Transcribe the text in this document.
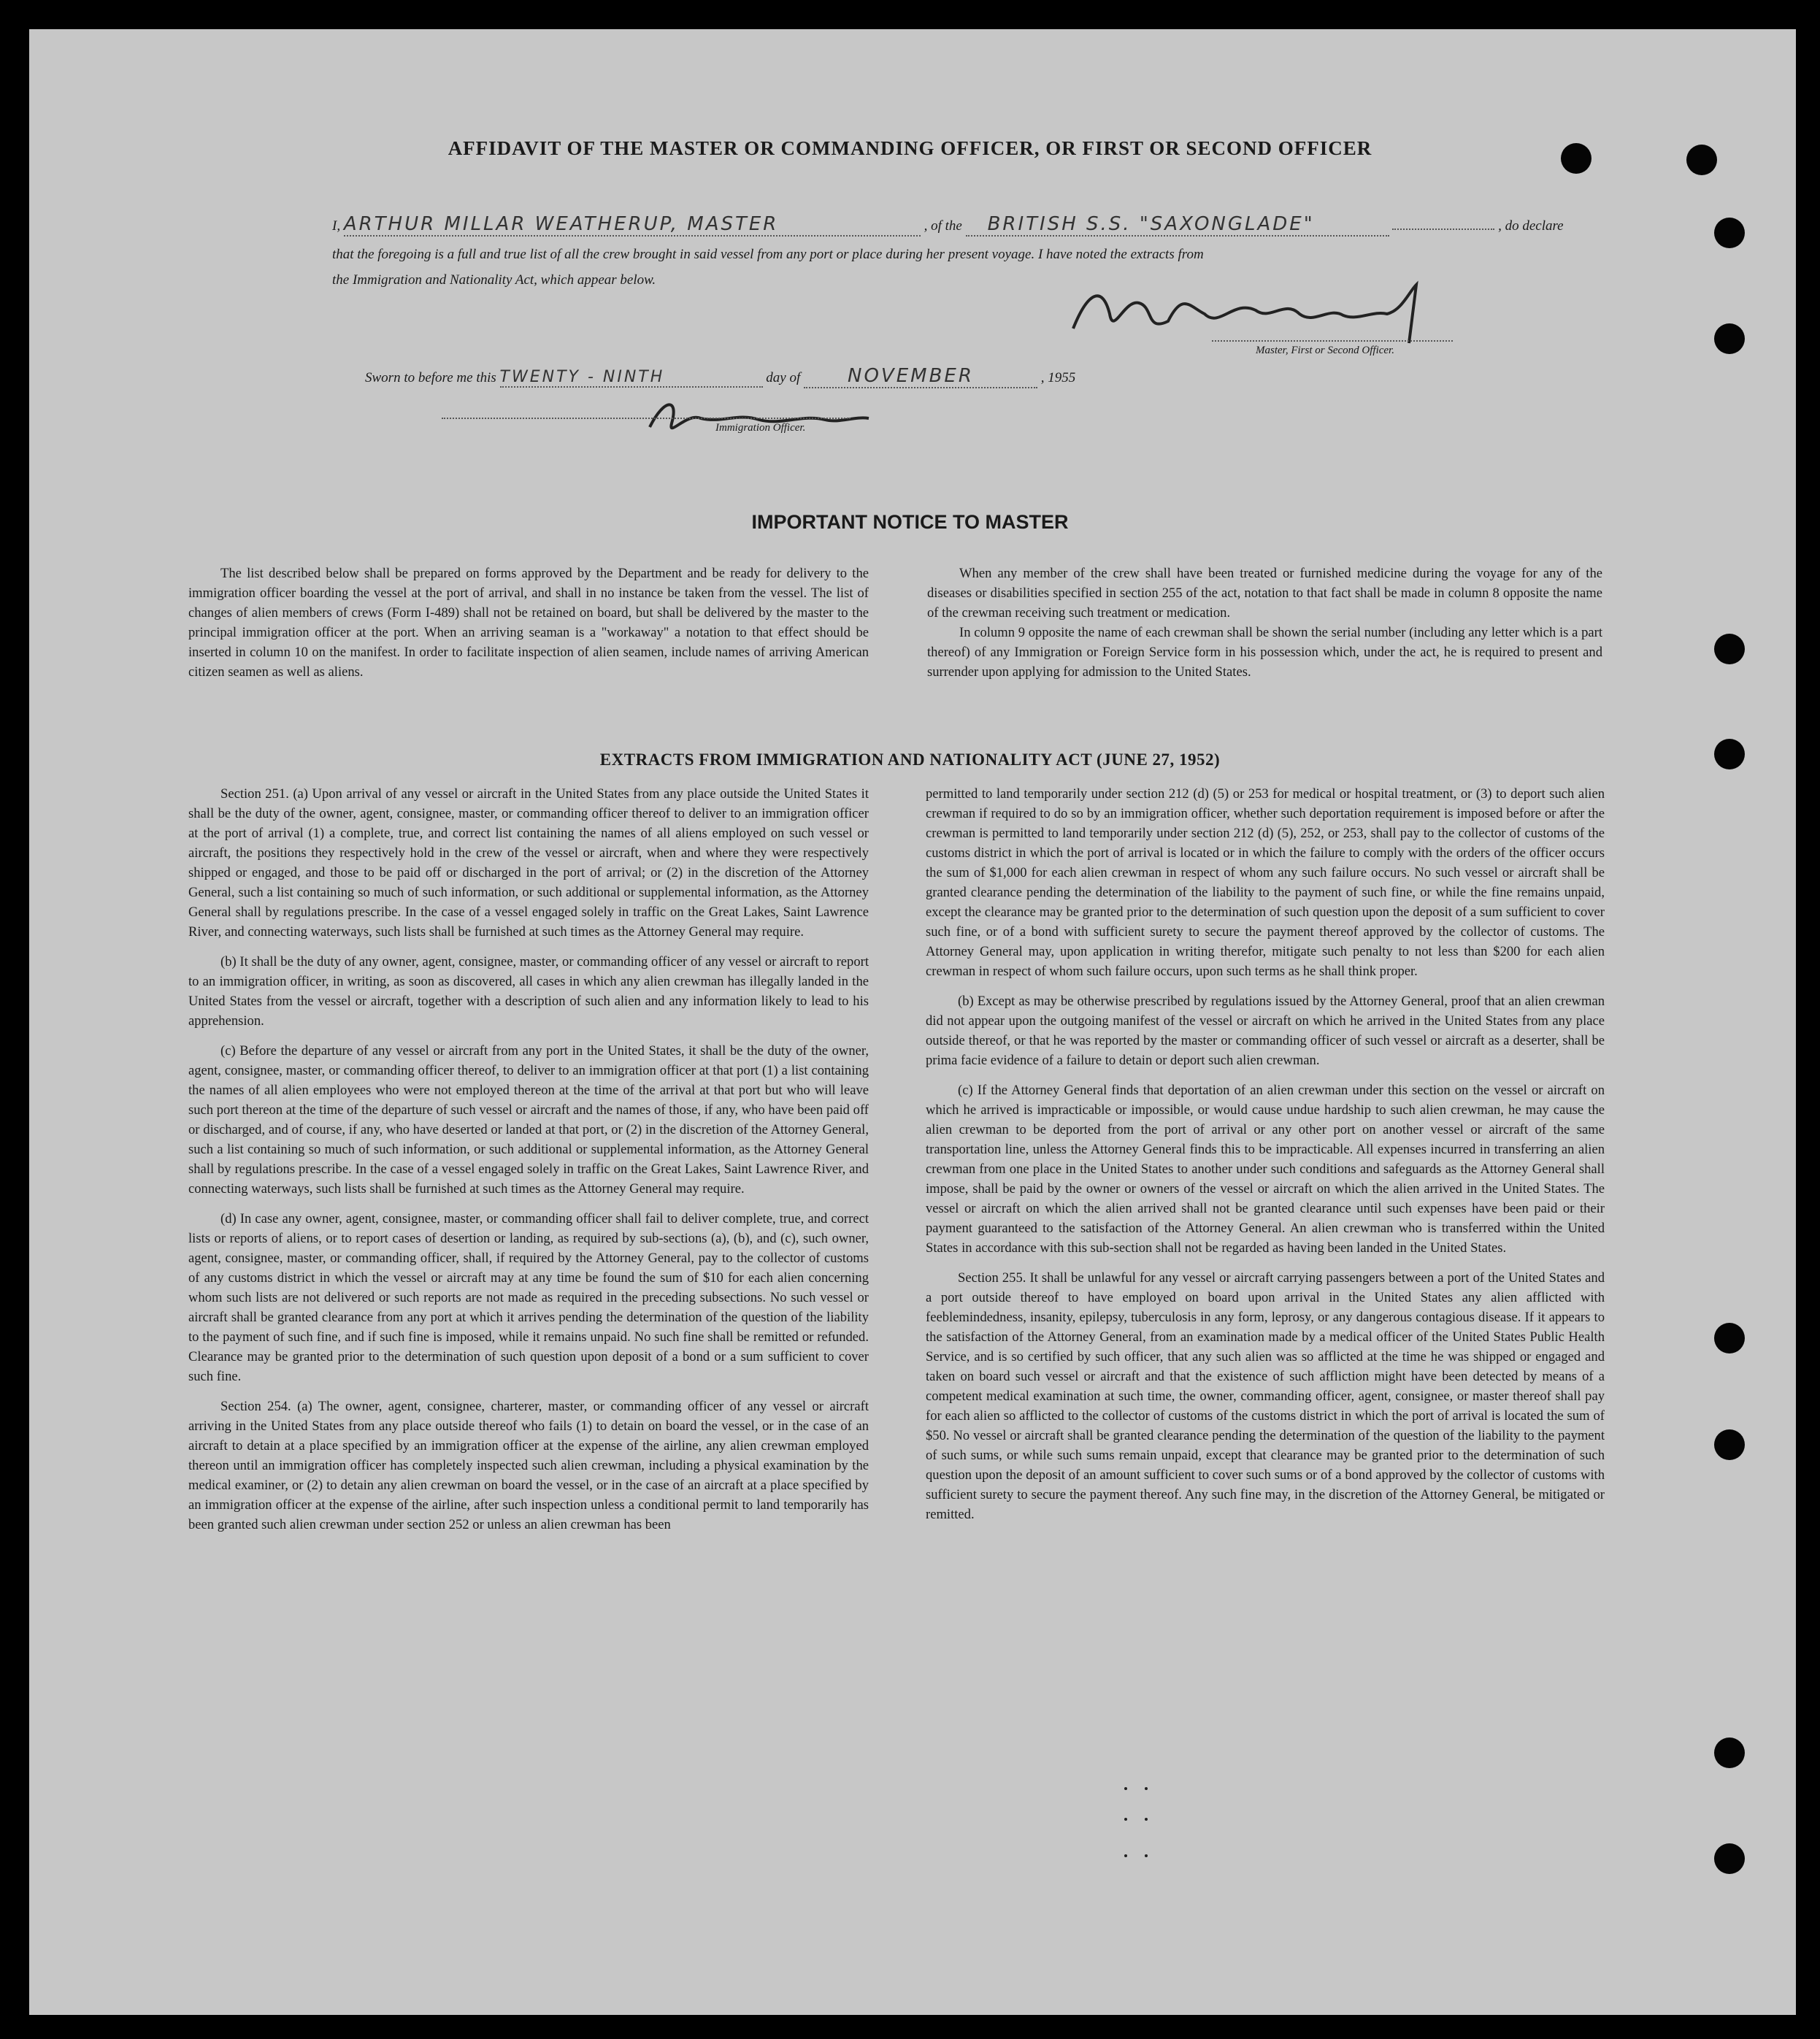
AFFIDAVIT OF THE MASTER OR COMMANDING OFFICER, OR FIRST OR SECOND OFFICER
I, ARTHUR MILLAR WEATHERUP, MASTER	, of the BRITISH S.S. "SAXONGLADE"	, do declare
that the foregoing is a full and true list of all the crew brought in said vessel from any port or place during her present voyage. I have noted the extracts from
the Immigration and Nationality Act, which appear below.
Master, First or Second Officer.
Sworn to before me this TWENTY - NINTH	day of NOVEMBER	, 1955
Immigration Officer.
IMPORTANT NOTICE TO MASTER

The list described below shall be prepared on forms approved by the Department and be ready for delivery to the immigration officer boarding the vessel at the port of arrival, and shall in no instance be taken from the vessel. The list of changes of alien members of crews (Form I-489) shall not be retained on board, but shall be delivered by the master to the principal immigration officer at the port. When an arriving seaman is a "workaway" a notation to that effect should be inserted in column 10 on the manifest. In order to facilitate inspection of alien seamen, include names of arriving American citizen seamen as well as aliens.

When any member of the crew shall have been treated or furnished medicine during the voyage for any of the diseases or disabilities specified in section 255 of the act, notation to that fact shall be made in column 8 opposite the name of the crewman receiving such treatment or medication.

In column 9 opposite the name of each crewman shall be shown the serial number (including any letter which is a part thereof) of any Immigration or Foreign Service form in his possession which, under the act, he is required to present and surrender upon applying for admission to the United States.

EXTRACTS FROM IMMIGRATION AND NATIONALITY ACT (JUNE 27, 1952)

Section 251. (a) Upon arrival of any vessel or aircraft in the United States from any place outside the United States it shall be the duty of the owner, agent, consignee, master, or commanding officer thereof to deliver to an immigration officer at the port of arrival (1) a complete, true, and correct list containing the names of all aliens employed on such vessel or aircraft, the positions they respectively hold in the crew of the vessel or aircraft, when and where they were respectively shipped or engaged, and those to be paid off or discharged in the port of arrival; or (2) in the discretion of the Attorney General, such a list containing so much of such information, or such additional or supplemental information, as the Attorney General shall by regulations prescribe. In the case of a vessel engaged solely in traffic on the Great Lakes, Saint Lawrence River, and connecting waterways, such lists shall be furnished at such times as the Attorney General may require.

(b) It shall be the duty of any owner, agent, consignee, master, or commanding officer of any vessel or aircraft to report to an immigration officer, in writing, as soon as discovered, all cases in which any alien crewman has illegally landed in the United States from the vessel or aircraft, together with a description of such alien and any information likely to lead to his apprehension.

(c) Before the departure of any vessel or aircraft from any port in the United States, it shall be the duty of the owner, agent, consignee, master, or commanding officer thereof, to deliver to an immigration officer at that port (1) a list containing the names of all alien employees who were not employed thereon at the time of the arrival at that port but who will leave such port thereon at the time of the departure of such vessel or aircraft and the names of those, if any, who have been paid off or discharged, and of course, if any, who have deserted or landed at that port, or (2) in the discretion of the Attorney General, such a list containing so much of such information, or such additional or supplemental information, as the Attorney General shall by regulations prescribe. In the case of a vessel engaged solely in traffic on the Great Lakes, Saint Lawrence River, and connecting waterways, such lists shall be furnished at such times as the Attorney General may require.

(d) In case any owner, agent, consignee, master, or commanding officer shall fail to deliver complete, true, and correct lists or reports of aliens, or to report cases of desertion or landing, as required by sub-sections (a), (b), and (c), such owner, agent, consignee, master, or commanding officer, shall, if required by the Attorney General, pay to the collector of customs of any customs district in which the vessel or aircraft may at any time be found the sum of $10 for each alien concerning whom such lists are not delivered or such reports are not made as required in the preceding subsections. No such vessel or aircraft shall be granted clearance from any port at which it arrives pending the determination of the question of the liability to the payment of such fine, and if such fine is imposed, while it remains unpaid. No such fine shall be remitted or refunded. Clearance may be granted prior to the determination of such question upon deposit of a bond or a sum sufficient to cover such fine.

Section 254. (a) The owner, agent, consignee, charterer, master, or commanding officer of any vessel or aircraft arriving in the United States from any place outside thereof who fails (1) to detain on board the vessel, or in the case of an aircraft to detain at a place specified by an immigration officer at the expense of the airline, any alien crewman employed thereon until an immigration officer has completely inspected such alien crewman, including a physical examination by the medical examiner, or (2) to detain any alien crewman on board the vessel, or in the case of an aircraft at a place specified by an immigration officer at the expense of the airline, after such inspection unless a conditional permit to land temporarily has been granted such alien crewman under section 252 or unless an alien crewman has been

permitted to land temporarily under section 212 (d) (5) or 253 for medical or hospital treatment, or (3) to deport such alien crewman if required to do so by an immigration officer, whether such deportation requirement is imposed before or after the crewman is permitted to land temporarily under section 212 (d) (5), 252, or 253, shall pay to the collector of customs of the customs district in which the port of arrival is located or in which the failure to comply with the orders of the officer occurs the sum of $1,000 for each alien crewman in respect of whom any such failure occurs. No such vessel or aircraft shall be granted clearance pending the determination of the liability to the payment of such fine, or while the fine remains unpaid, except the clearance may be granted prior to the determination of such question upon the deposit of a sum sufficient to cover such fine, or of a bond with sufficient surety to secure the payment thereof approved by the collector of customs. The Attorney General may, upon application in writing therefor, mitigate such penalty to not less than $200 for each alien crewman in respect of whom such failure occurs, upon such terms as he shall think proper.

(b) Except as may be otherwise prescribed by regulations issued by the Attorney General, proof that an alien crewman did not appear upon the outgoing manifest of the vessel or aircraft on which he arrived in the United States from any place outside thereof, or that he was reported by the master or commanding officer of such vessel or aircraft as a deserter, shall be prima facie evidence of a failure to detain or deport such alien crewman.

(c) If the Attorney General finds that deportation of an alien crewman under this section on the vessel or aircraft on which he arrived is impracticable or impossible, or would cause undue hardship to such alien crewman, he may cause the alien crewman to be deported from the port of arrival or any other port on another vessel or aircraft of the same transportation line, unless the Attorney General finds this to be impracticable. All expenses incurred in transferring an alien crewman from one place in the United States to another under such conditions and safeguards as the Attorney General shall impose, shall be paid by the owner or owners of the vessel or aircraft on which the alien arrived in the United States. The vessel or aircraft on which the alien arrived shall not be granted clearance until such expenses have been paid or their payment guaranteed to the satisfaction of the Attorney General. An alien crewman who is transferred within the United States in accordance with this sub-section shall not be regarded as having been landed in the United States.

Section 255. It shall be unlawful for any vessel or aircraft carrying passengers between a port of the United States and a port outside thereof to have employed on board upon arrival in the United States any alien afflicted with feeblemindedness, insanity, epilepsy, tuberculosis in any form, leprosy, or any dangerous contagious disease. If it appears to the satisfaction of the Attorney General, from an examination made by a medical officer of the United States Public Health Service, and is so certified by such officer, that any such alien was so afflicted at the time he was shipped or engaged and taken on board such vessel or aircraft and that the existence of such affliction might have been detected by means of a competent medical examination at such time, the owner, commanding officer, agent, consignee, or master thereof shall pay for each alien so afflicted to the collector of customs of the customs district in which the port of arrival is located the sum of $50. No vessel or aircraft shall be granted clearance pending the determination of the question of the liability to the payment of such sums, or while such sums remain unpaid, except that clearance may be granted prior to the determination of such question upon the deposit of an amount sufficient to cover such sums or of a bond approved by the collector of customs with sufficient surety to secure the payment thereof. Any such fine may, in the discretion of the Attorney General, be mitigated or remitted.
